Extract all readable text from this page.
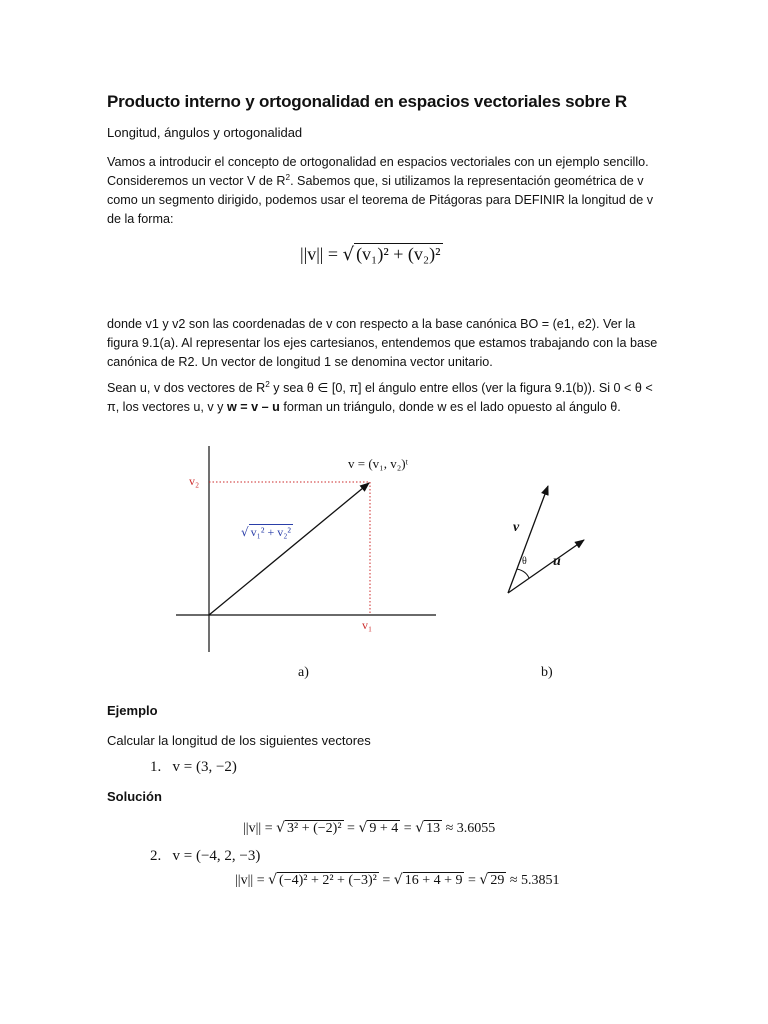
Producto interno y ortogonalidad en espacios vectoriales sobre R
Longitud, ángulos y ortogonalidad
Vamos a introducir el concepto de ortogonalidad en espacios vectoriales con un ejemplo sencillo. Consideremos un vector V de $R^2$. Sabemos que, si utilizamos la representación geométrica de v como un segmento dirigido, podemos usar el teorema de Pitágoras para DEFINIR la longitud de v de la forma:
||v|| = √ (v₁)² + (v₂)²
donde v1 y v2 son las coordenadas de v con respecto a la base canónica BO = (e1, e2). Ver la figura 9.1(a). Al representar los ejes cartesianos, entendemos que estamos trabajando con la base canónica de R2. Un vector de longitud 1 se denomina vector unitario.
Sean u, v dos vectores de $R^2$ y sea θ ∈ [0, π] el ángulo entre ellos (ver la figura 9.1(b)). Si 0 < θ < π, los vectores u, v y w = v – u forman un triángulo, donde w es el lado opuesto al ángulo θ.
v = (v₁, v₂)ᵗ
v₂
v₁
√ v₁² + v₂²
a)
v
u
θ
b)
Ejemplo
Calcular la longitud de los siguientes vectores
1. v = (3, −2)
Solución
||v|| = √ 3² + (−2)² = √ 9 + 4 = √ 13 ≈ 3.6055
2. v = (−4, 2, −3)
||v|| = √ (−4)² + 2² + (−3)² = √ 16 + 4 + 9 = √ 29 ≈ 5.3851
